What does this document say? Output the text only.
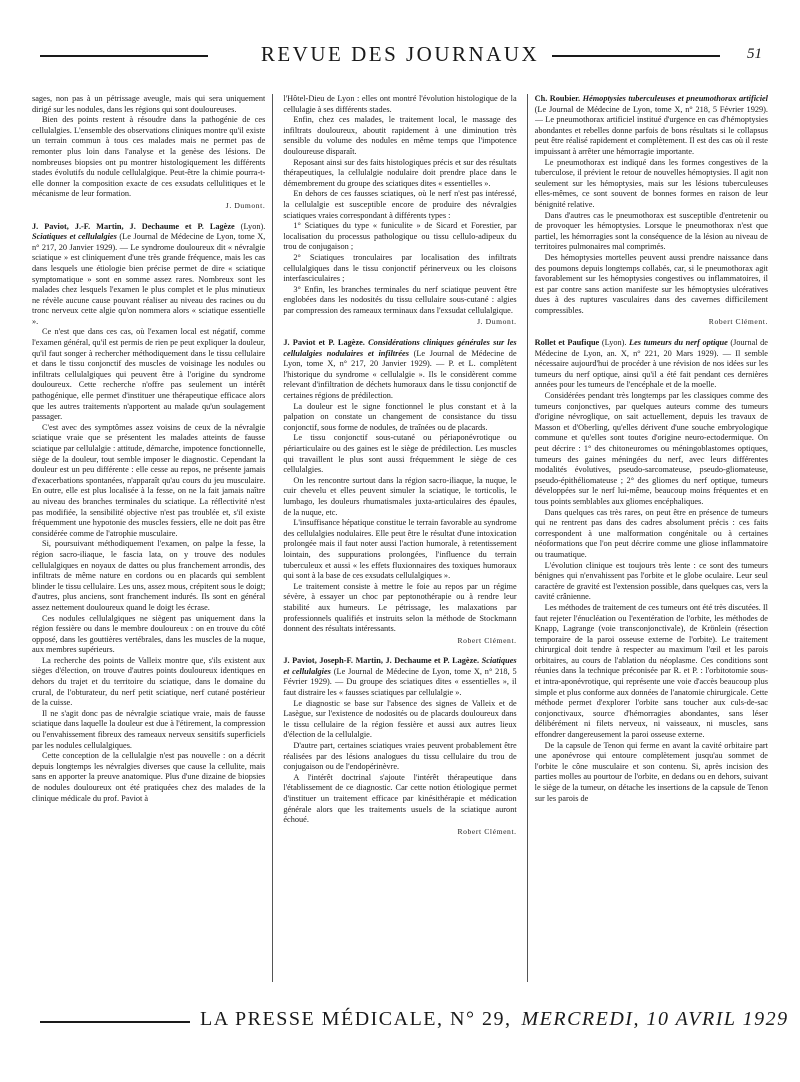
REVUE DES JOURNAUX	51

sages, non pas à un pétrissage aveugle, mais qui sera uniquement dirigé sur les nodules, dans les régions qui sont douloureuses.

Bien des points restent à résoudre dans la pathogénie de ces cellulalgies. L'ensemble des observations cliniques montre qu'il existe un terrain commun à tous ces malades mais ne permet pas de remonter plus loin dans l'analyse et la genèse des lésions. De nombreuses biopsies ont pu montrer histologiquement les différents stades évolutifs du nodule cellulalgique. Peut-être la chimie pourra-t-elle donner la composition exacte de ces exsudats cellulitiques et le mécanisme de leur formation.

J. Dumont.

J. Paviot, J.-F. Martin, J. Dechaume et P. Lagèze (Lyon). Sciatiques et cellulalgies (Le Journal de Médecine de Lyon, tome X, n° 217, 20 Janvier 1929). — Le syndrome douloureux dit « névralgie sciatique » est cliniquement d'une très grande fréquence, mais les cas dans lesquels une étiologie bien précise permet de dire « sciatique symptomatique » sont en somme assez rares. Nombreux sont les malades chez lesquels l'examen le plus complet et le plus minutieux ne révèle aucune cause pouvant réaliser au niveau des racines ou du tronc nerveux cette algie qu'on nommera alors « sciatique essentielle ».

Ce n'est que dans ces cas, où l'examen local est négatif, comme l'examen général, qu'il est permis de rien pe peut expliquer la douleur, qu'il faut songer à rechercher méthodiquement dans le tissu cellulaire et dans le tissu conjonctif des muscles de voisinage les nodules ou infiltrats cellulalgiques qui peuvent être à l'origine du syndrome douloureux. Cette recherche n'offre pas seulement un intérêt pathogénique, elle permet d'instituer une thérapeutique efficace alors que les autres traitements n'apportent au malade qu'un soulagement passager.

C'est avec des symptômes assez voisins de ceux de la névralgie sciatique vraie que se présentent les malades atteints de fausse sciatique par cellulalgie : attitude, démarche, impotence fonctionnelle, siège de la douleur, tout semble imposer le diagnostic. Cependant la douleur est un peu différente : elle cesse au repos, ne présente jamais d'exacerbations spontanées, n'apparaît qu'au cours du jeu musculaire. En outre, elle est plus localisée à la fesse, on ne la fait jamais naître au niveau des branches terminales du sciatique. La réflectivité n'est pas modifiée, la sensibilité objective n'est pas troublée et, s'il existe fréquemment une hypotonie des muscles fessiers, elle ne doit pas être considérée comme de l'atrophie musculaire.

Si, poursuivant méthodiquement l'examen, on palpe la fesse, la région sacro-iliaque, le fascia lata, on y trouve des nodules cellulalgiques en noyaux de dattes ou plus franchement arrondis, des infiltrats de même nature en cordons ou en placards qui semblent blinder le tissu cellulaire. Les uns, assez mous, crépitent sous le doigt; d'autres, plus anciens, sont franchement indurés. Ils sont en général assez nettement douloureux quand le doigt les écrase.

Ces nodules cellulalgiques ne siègent pas uniquement dans la région fessière ou dans le membre douloureux : on en trouve du côté opposé, dans les gouttières vertébrales, dans les muscles de la nuque, aux membres supérieurs.

La recherche des points de Valleix montre que, s'ils existent aux sièges d'élection, on trouve d'autres points douloureux identiques en dehors du trajet et du territoire du sciatique, dans le domaine du crural, de l'obturateur, du nerf petit sciatique, nerf cutané postérieur de la cuisse.

Il ne s'agit donc pas de névralgie sciatique vraie, mais de fausse sciatique dans laquelle la douleur est due à l'étirement, la compression ou l'envahissement fibreux des rameaux nerveux sensitifs superficiels par les nodules cellulalgiques.

Cette conception de la cellulalgie n'est pas nouvelle : on a décrit depuis longtemps les névralgies diverses que cause la cellulite, mais sans en apporter la preuve anatomique. Plus d'une dizaine de biopsies de nodules douloureux ont été pratiquées chez des malades de la clinique médicale du prof. Paviot à

l'Hôtel-Dieu de Lyon : elles ont montré l'évolution histologique de la cellulagie à ses différents stades.

Enfin, chez ces malades, le traitement local, le massage des infiltrats douloureux, aboutit rapidement à une diminution très sensible du volume des nodules en même temps que l'impotence douloureuse disparaît.

Reposant ainsi sur des faits histologiques précis et sur des résultats thérapeutiques, la cellulalgie nodulaire doit prendre place dans le démembrement du groupe des sciatiques dites « essentielles ».

En dehors de ces fausses sciatiques, où le nerf n'est pas intéressé, la cellulalgie est susceptible encore de produire des névralgies sciatiques vraies correspondant à différents types :

1° Sciatiques du type « funiculite » de Sicard et Forestier, par localisation du processus pathologique ou tissu cellulo-adipeux du trou de conjugaison ;

2° Sciatiques tronculaires par localisation des infiltrats cellulalgiques dans le tissu conjonctif périnerveux ou les cloisons interfasciculaires ;

3° Enfin, les branches terminales du nerf sciatique peuvent être englobées dans les nodosités du tissu cellulaire sous-cutané : algies par compression des rameaux terminaux dans l'exsudat cellulalgique.

J. Dumont.

J. Paviot et P. Lagèze. Considérations cliniques générales sur les cellulalgies nodulaires et infiltrées (Le Journal de Médecine de Lyon, tome X, n° 217, 20 Janvier 1929). — P. et L. complètent l'historique du syndrome « cellulalgie ». Ils le considèrent comme relevant d'infiltration de déchets humoraux dans le tissu conjonctif de certaines régions de prédilection.

La douleur est le signe fonctionnel le plus constant et à la palpation on constate un changement de consistance du tissu conjonctif, sous forme de nodules, de traînées ou de placards.

Le tissu conjonctif sous-cutané ou périaponévrotique ou périarticulaire ou des gaines est le siège de prédilection. Les muscles qui travaillent le plus sont aussi fréquemment le siège de ces cellulalgies.

On les rencontre surtout dans la région sacro-iliaque, la nuque, le cuir chevelu et elles peuvent simuler la sciatique, le torticolis, le lumbago, les douleurs rhumatismales juxta-articulaires des épaules, de la nuque, etc.

L'insuffisance hépatique constitue le terrain favorable au syndrome des cellulalgies nodulaires. Elle peut être le résultat d'une intoxication prolongée mais il faut noter aussi l'action humorale, à retentissement lointain, des suppurations prolongées, l'influence du terrain tuberculeux et aussi « les effets fluxionnaires des toxiques humoraux qui sont à la base de ces exsudats cellulalgiques ».

Le traitement consiste à mettre le foie au repos par un régime sévère, à essayer un choc par peptonothérapie ou à rendre leur stabilité aux humeurs. Le pétrissage, les malaxations par professionnels qualifiés et instruits selon la méthode de Stockmann donnent des résultats intéressants.

Robert Clément.

J. Paviot, Joseph-F. Martin, J. Dechaume et P. Lagèze. Sciatiques et cellulalgies (Le Journal de Médecine de Lyon, tome X, n° 218, 5 Février 1929). — Du groupe des sciatiques dites « essentielles », il faut distraire les « fausses sciatiques par cellulalgie ».

Le diagnostic se base sur l'absence des signes de Valleix et de Lasègue, sur l'existence de nodosités ou de placards douloureux dans le tissu cellulaire de la région fessière et aussi aux autres lieux d'élection de la cellulalgie.

D'autre part, certaines sciatiques vraies peuvent probablement être réalisées par des lésions analogues du tissu cellulaire du trou de conjugaison ou de l'endopérinèvre.

A l'intérêt doctrinal s'ajoute l'intérêt thérapeutique dans l'établissement de ce diagnostic. Car cette notion étiologique permet d'instituer un traitement efficace par kinésithérapie et médication générale alors que les traitements usuels de la sciatique auront échoué.

Robert Clément.

Ch. Roubier. Hémoptysies tuberculeuses et pneumothorax artificiel (Le Journal de Médecine de Lyon, tome X, n° 218, 5 Février 1929). — Le pneumothorax artificiel institué d'urgence en cas d'hémoptysies abondantes et rebelles donne parfois de bons résultats si le collapsus peut être réalisé rapidement et complètement. Il est des cas où il reste impuissant à arrêter une hémorragie importante.

Le pneumothorax est indiqué dans les formes congestives de la tuberculose, il prévient le retour de nouvelles hémoptysies. Il agit non seulement sur les hémoptysies, mais sur les lésions tuberculeuses elles-mêmes, ce sont souvent de bonnes formes en raison de leur bénignité relative.

Dans d'autres cas le pneumothorax est susceptible d'entretenir ou de provoquer les hémoptysies. Lorsque le pneumothorax n'est que partiel, les hémorragies sont la conséquence de la lésion au niveau de territoires pulmonaires mal comprimés.

Des hémoptysies mortelles peuvent aussi prendre naissance dans des poumons depuis longtemps collabés, car, si le pneumothorax agit favorablement sur les hémoptysies congestives ou inflammatoires, il est par contre sans action manifeste sur les hémoptysies ulcératives dues à des ruptures vasculaires dans des cavernes difficilement compressibles.

Robert Clément.

Rollet et Paufique (Lyon). Les tumeurs du nerf optique (Journal de Médecine de Lyon, an. X, n° 221, 20 Mars 1929). — Il semble nécessaire aujourd'hui de procéder à une révision de nos idées sur les tumeurs du nerf optique, ainsi qu'il a été fait pendant ces dernières années pour les tumeurs de l'encéphale et de la moelle.

Considérées pendant très longtemps par les classiques comme des tumeurs conjonctives, par quelques auteurs comme des tumeurs d'origine névroglique, on sait actuellement, depuis les travaux de Masson et d'Oberling, qu'elles dérivent d'une souche embryologique commune et qu'elles sont toutes d'origine neuro-ectodermique. On peut décrire : 1° des chitoneuromes ou méningoblastomes optiques, tumeurs des gaines méningées du nerf, avec leurs différentes modalités évolutives, pseudo-sarcomateuse, pseudo-gliomateuse, pseudo-épithéliomateuse ; 2° des gliomes du nerf optique, tumeurs développées sur le nerf lui-même, beaucoup moins fréquentes et en tous points semblables aux gliomes encéphaliques.

Dans quelques cas très rares, on peut être en présence de tumeurs qui ne rentrent pas dans des cadres absolument précis : ces faits correspondent à une malformation congénitale ou à certaines néoformations que l'on peut décrire comme une gliose inflammatoire ou traumatique.

L'évolution clinique est toujours très lente : ce sont des tumeurs bénignes qui n'envahissent pas l'orbite et le globe oculaire. Leur seul caractère de gravité est l'extension possible, dans quelques cas, vers la cavité crânienne.

Les méthodes de traitement de ces tumeurs ont été très discutées. Il faut rejeter l'énucléation ou l'exentération de l'orbite, les méthodes de Knapp, Lagrange (voie transconjonctivale), de Krönlein (résection temporaire de la paroi osseuse externe de l'orbite). Le traitement chirurgical doit tendre à respecter au maximum l'œil et les parois orbitaires, au cours de l'ablation du néoplasme. Ces conditions sont réunies dans la technique préconisée par R. et P. : l'orbitotomie sous- et intra-aponévrotique, qui représente une voie d'accès beaucoup plus simple et plus conforme aux données de l'anatomie chirurgicale. Cette méthode permet d'explorer l'orbite sans toucher aux culs-de-sac conjonctivaux, source d'hémorragies abondantes, sans léser délibérément ni filets nerveux, ni vaisseaux, ni muscles, sans effondrer dangereusement la paroi osseuse externe.

De la capsule de Tenon qui ferme en avant la cavité orbitaire part une aponévrose qui entoure complètement jusqu'au sommet de l'orbite le cône musculaire et son contenu. Si, après incision des parties molles au pourtour de l'orbite, en dedans ou en dehors, suivant le siège de la tumeur, on détache les insertions de la capsule de Tenon sur les parois de

LA PRESSE MÉDICALE, N° 29, MERCREDI, 10 AVRIL 1929
